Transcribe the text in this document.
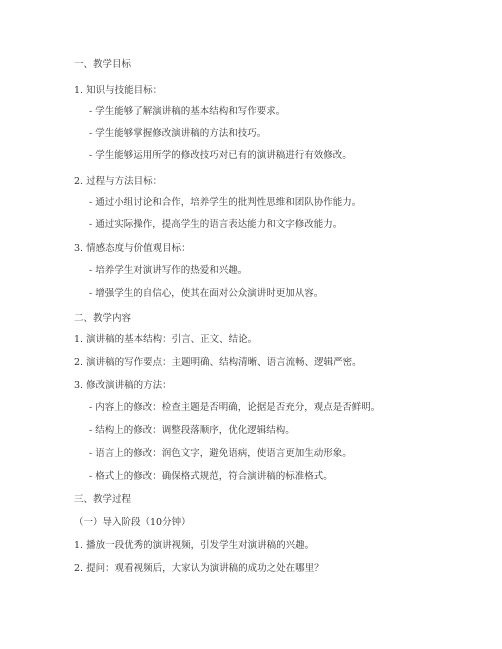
一、教学目标
1. 知识与技能目标：
- 学生能够了解演讲稿的基本结构和写作要求。
- 学生能够掌握修改演讲稿的方法和技巧。
- 学生能够运用所学的修改技巧对已有的演讲稿进行有效修改。
2. 过程与方法目标：
- 通过小组讨论和合作，培养学生的批判性思维和团队协作能力。
- 通过实际操作，提高学生的语言表达能力和文字修改能力。
3. 情感态度与价值观目标：
- 培养学生对演讲写作的热爱和兴趣。
- 增强学生的自信心，使其在面对公众演讲时更加从容。
二、教学内容
1. 演讲稿的基本结构：引言、正文、结论。
2. 演讲稿的写作要点：主题明确、结构清晰、语言流畅、逻辑严密。
3. 修改演讲稿的方法：
- 内容上的修改：检查主题是否明确，论据是否充分，观点是否鲜明。
- 结构上的修改：调整段落顺序，优化逻辑结构。
- 语言上的修改：润色文字，避免语病，使语言更加生动形象。
- 格式上的修改：确保格式规范，符合演讲稿的标准格式。
三、教学过程
（一）导入阶段（10分钟）
1. 播放一段优秀的演讲视频，引发学生对演讲稿的兴趣。
2. 提问：观看视频后，大家认为演讲稿的成功之处在哪里？
